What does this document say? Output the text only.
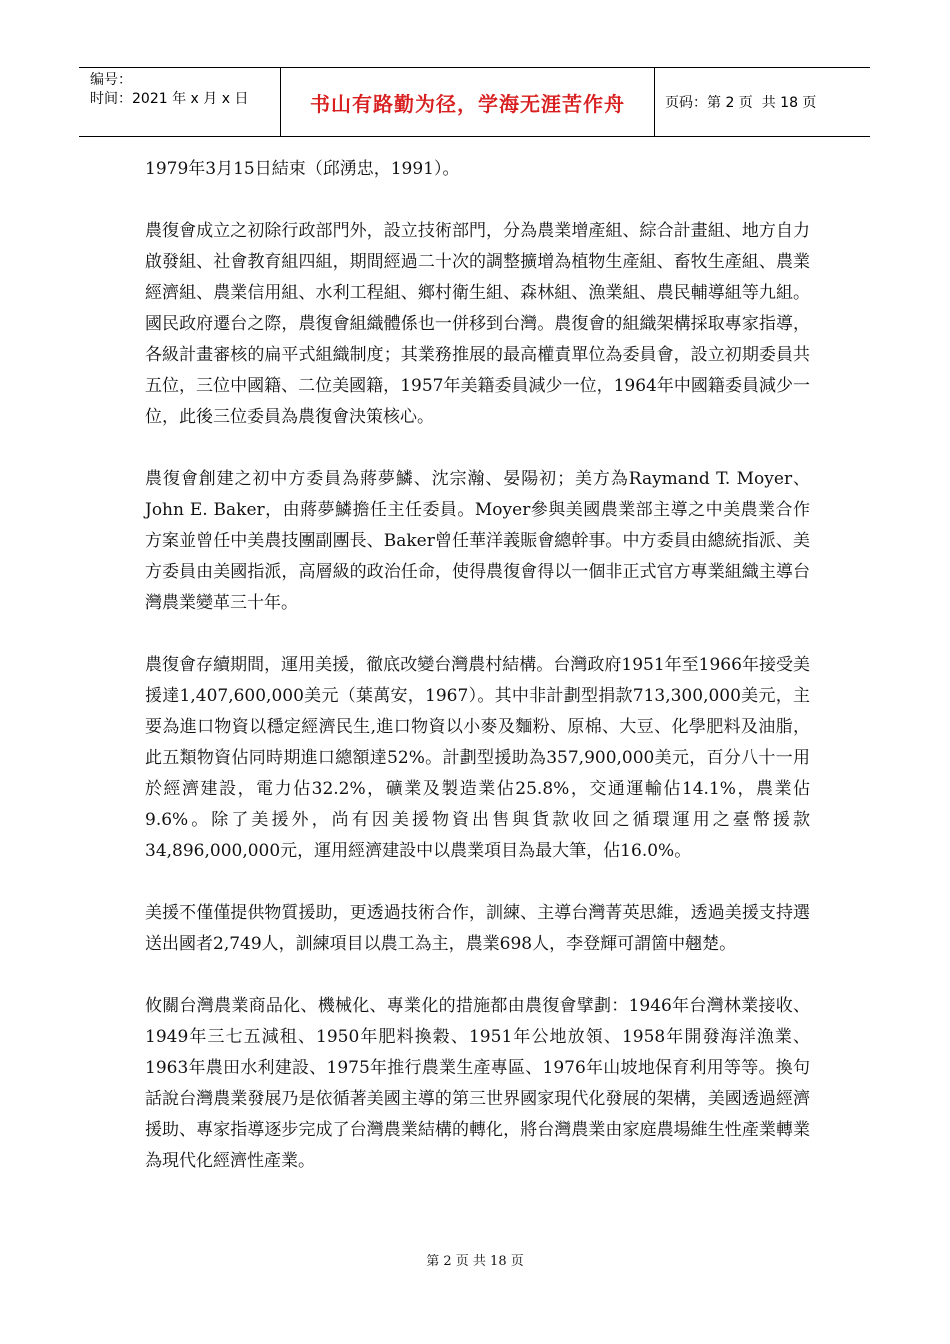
编号：
时间：2021 年 x 月 x 日	书山有路勤为径，学海无涯苦作舟	页码：第 2 页  共 18 页

1979年3月15日結束（邱湧忠，1991）。

農復會成立之初除行政部門外，設立技術部門，分為農業增產組、綜合計畫組、地方自力啟發組、社會教育組四組，期間經過二十次的調整擴增為植物生產組、畜牧生產組、農業經濟組、農業信用組、水利工程組、鄉村衛生組、森林組、漁業組、農民輔導組等九組。國民政府遷台之際，農復會組織體係也一併移到台灣。農復會的組織架構採取專家指導，各級計畫審核的扁平式組織制度；其業務推展的最高權責單位為委員會，設立初期委員共五位，三位中國籍、二位美國籍，1957年美籍委員減少一位，1964年中國籍委員減少一位，此後三位委員為農復會決策核心。

農復會創建之初中方委員為蔣夢鱗、沈宗瀚、晏陽初；美方為Raymand T. Moyer、John E. Baker，由蔣夢鱗擔任主任委員。Moyer參與美國農業部主導之中美農業合作方案並曾任中美農技團副團長、Baker曾任華洋義賑會總幹事。中方委員由總統指派、美方委員由美國指派，高層級的政治任命，使得農復會得以一個非正式官方專業組織主導台灣農業變革三十年。

農復會存續期間，運用美援，徹底改變台灣農村結構。台灣政府1951年至1966年接受美援達1,407,600,000美元（葉萬安，1967）。其中非計劃型捐款713,300,000美元，主要為進口物資以穩定經濟民生,進口物資以小麥及麵粉、原棉、大豆、化學肥料及油脂，此五類物資佔同時期進口總額達52%。計劃型援助為357,900,000美元，百分八十一用於經濟建設，電力佔32.2%，礦業及製造業佔25.8%，交通運輸佔14.1%，農業佔9.6%。除了美援外，尚有因美援物資出售與貨款收回之循環運用之臺幣援款34,896,000,000元，運用經濟建設中以農業項目為最大筆，佔16.0%。

美援不僅僅提供物質援助，更透過技術合作，訓練、主導台灣菁英思維，透過美援支持選送出國者2,749人，訓練項目以農工為主，農業698人，李登輝可謂箇中翹楚。

攸關台灣農業商品化、機械化、專業化的措施都由農復會擘劃：1946年台灣林業接收、1949年三七五減租、1950年肥料換穀、1951年公地放領、1958年開發海洋漁業、1963年農田水利建設、1975年推行農業生產專區、1976年山坡地保育利用等等。換句話說台灣農業發展乃是依循著美國主導的第三世界國家現代化發展的架構，美國透過經濟援助、專家指導逐步完成了台灣農業結構的轉化，將台灣農業由家庭農場維生性產業轉業為現代化經濟性產業。

第 2 页 共 18 页
